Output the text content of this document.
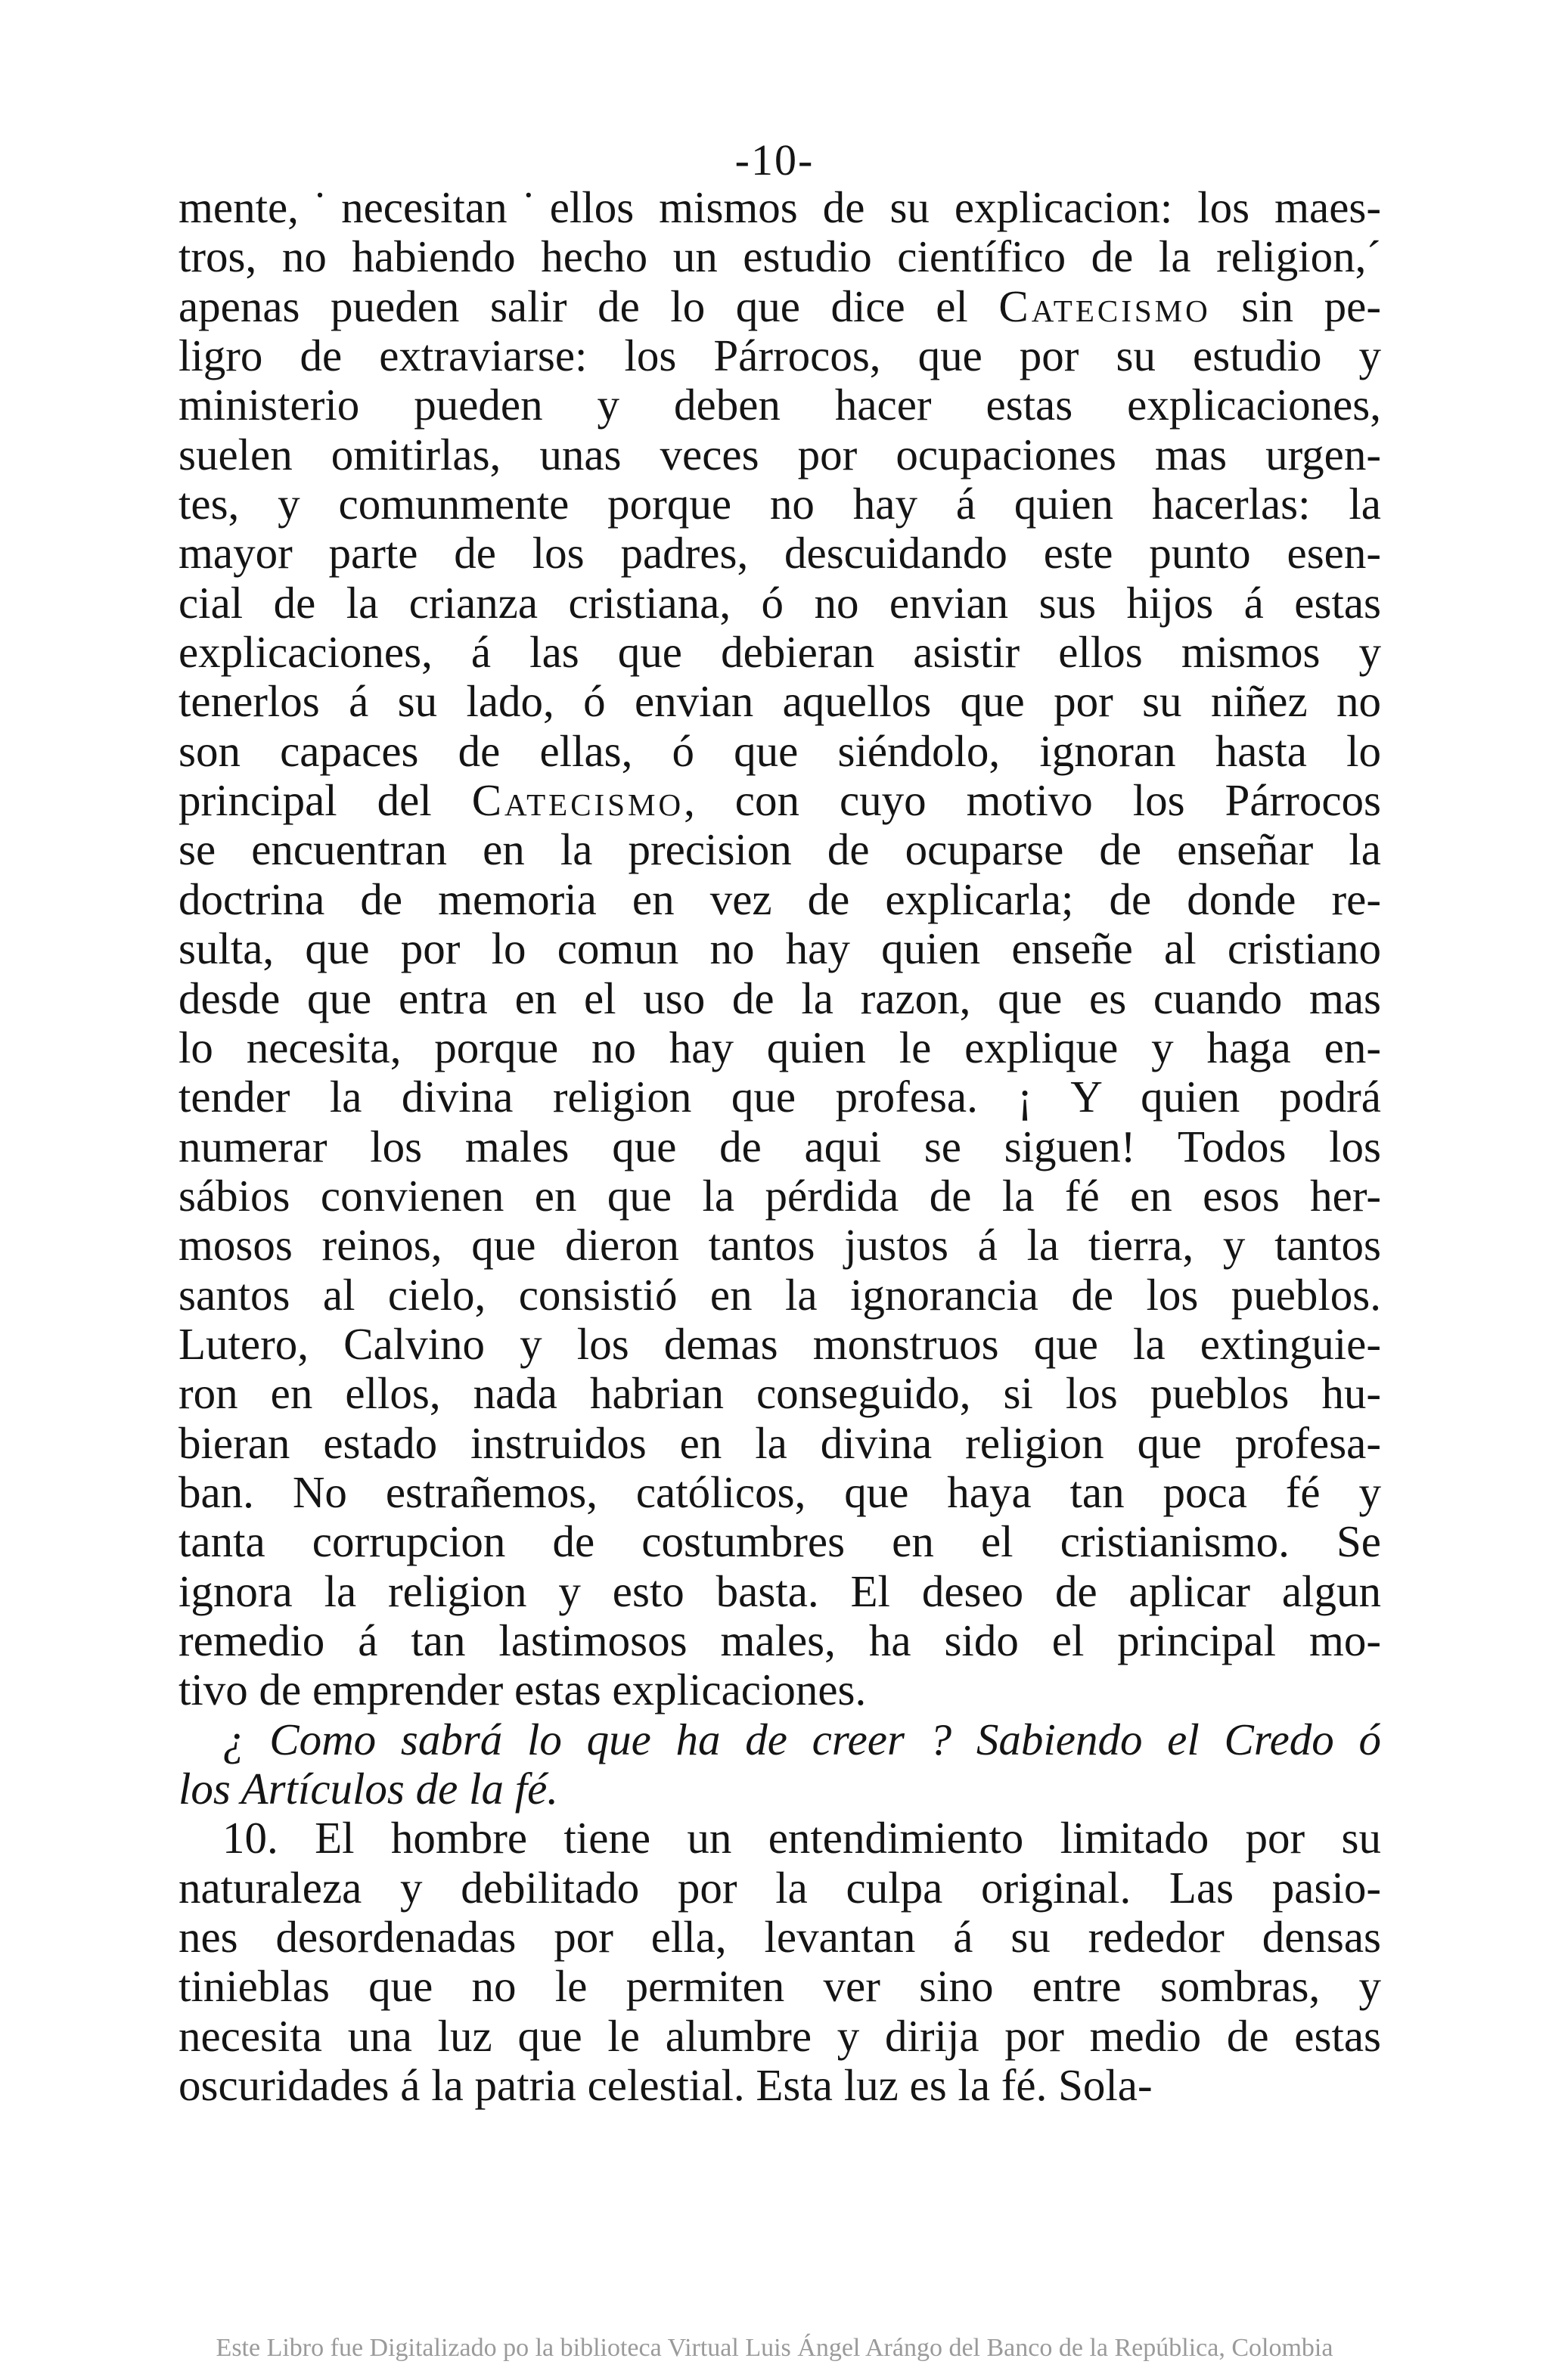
-10-
mente,˙necesitan˙ellos mismos de su explicacion: los maes-
tros, no habiendo hecho un estudio científico de la religion,´
apenas pueden salir de lo que dice el Catecismo sin pe-
ligro de extraviarse: los Párrocos, que por su estudio y
ministerio pueden y deben hacer estas explicaciones,
suelen omitirlas, unas veces por ocupaciones mas urgen-
tes, y comunmente porque no hay á quien hacerlas: la
mayor parte de los padres, descuidando este punto esen-
cial de la crianza cristiana, ó no envian sus hijos á estas
explicaciones, á las que debieran asistir ellos mismos y
tenerlos á su lado, ó envian aquellos que por su niñez no
son capaces de ellas, ó que siéndolo, ignoran hasta lo
principal del Catecismo, con cuyo motivo los Párrocos
se encuentran en la precision de ocuparse de enseñar la
doctrina de memoria en vez de explicarla; de donde re-
sulta, que por lo comun no hay quien enseñe al cristiano
desde que entra en el uso de la razon, que es cuando mas
lo necesita, porque no hay quien le explique y haga en-
tender la divina religion que profesa. ¡ Y quien podrá
numerar los males que de aqui se siguen! Todos los
sábios convienen en que la pérdida de la fé en esos her-
mosos reinos, que dieron tantos justos á la tierra, y tantos
santos al cielo, consistió en la ignorancia de los pueblos.
Lutero, Calvino y los demas monstruos que la extinguie-
ron en ellos, nada habrian conseguido, si los pueblos hu-
bieran estado instruidos en la divina religion que profesa-
ban. No estrañemos, católicos, que haya tan poca fé y
tanta corrupcion de costumbres en el cristianismo. Se
ignora la religion y esto basta. El deseo de aplicar algun
remedio á tan lastimosos males, ha sido el principal mo-
tivo de emprender estas explicaciones.
¿ Como sabrá lo que ha de creer ? Sabiendo el Credo ó
los Artículos de la fé.
10. El hombre tiene un entendimiento limitado por su
naturaleza y debilitado por la culpa original. Las pasio-
nes desordenadas por ella, levantan á su rededor densas
tinieblas que no le permiten ver sino entre sombras, y
necesita una luz que le alumbre y dirija por medio de estas
oscuridades á la patria celestial. Esta luz es la fé. Sola-
Este Libro fue Digitalizado po la biblioteca Virtual Luis Ángel Arángo del Banco de la República, Colombia
